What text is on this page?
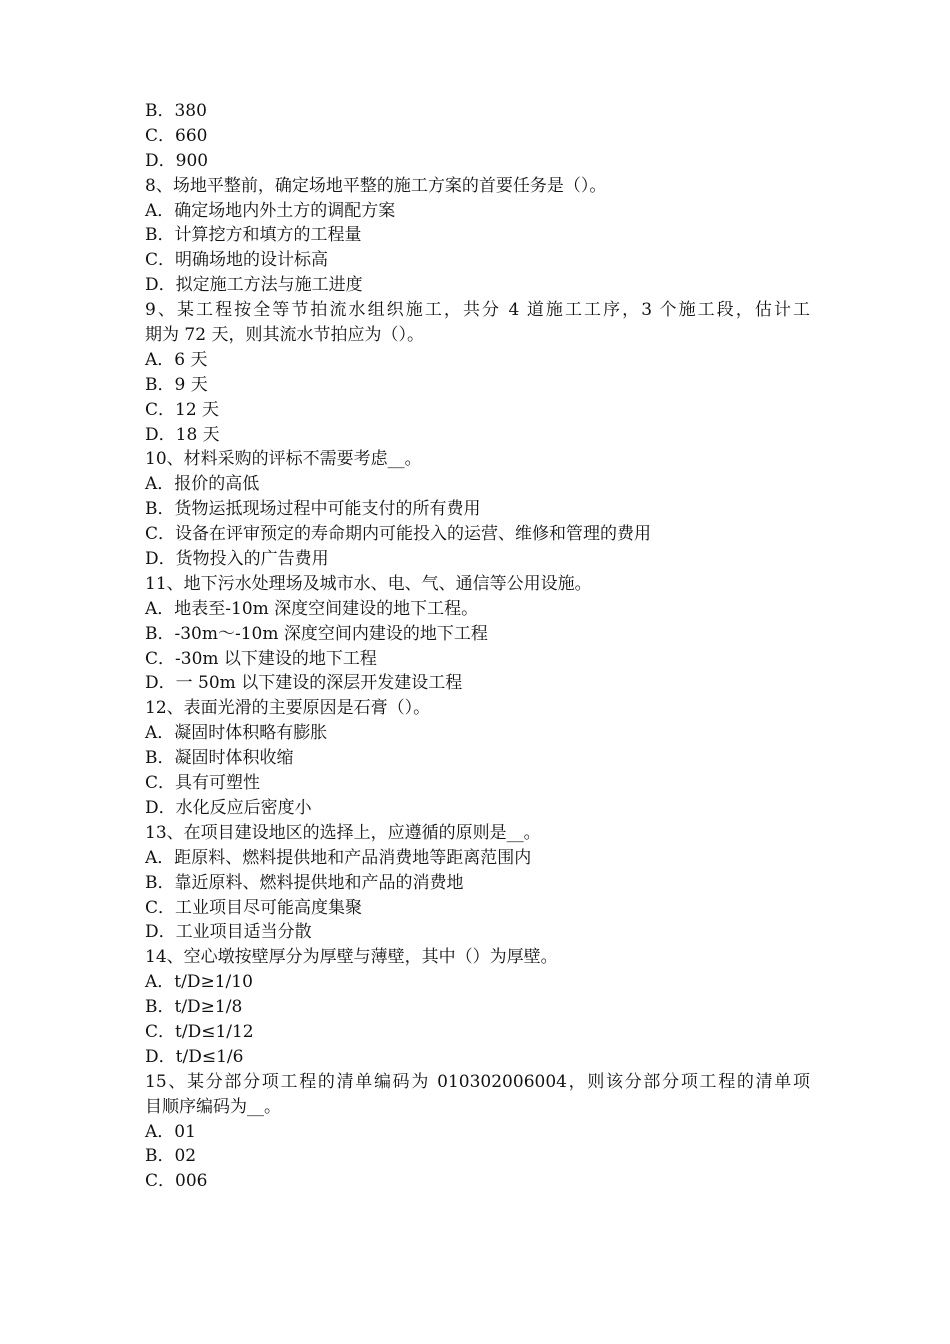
B．380

C．660

D．900

8、场地平整前，确定场地平整的施工方案的首要任务是（）。

A．确定场地内外土方的调配方案

B．计算挖方和填方的工程量

C．明确场地的设计标高

D．拟定施工方法与施工进度

9、某工程按全等节拍流水组织施工，共分 4 道施工工序，3 个施工段，估计工

期为 72 天，则其流水节拍应为（）。

A．6 天

B．9 天

C．12 天

D．18 天

10、材料采购的评标不需要考虑__。

A．报价的高低

B．货物运抵现场过程中可能支付的所有费用

C．设备在评审预定的寿命期内可能投入的运营、维修和管理的费用

D．货物投入的广告费用

11、地下污水处理场及城市水、电、气、通信等公用设施。

A．地表至-10m 深度空间建设的地下工程。

B．-30m～-10m 深度空间内建设的地下工程

C．-30m 以下建设的地下工程

D．一 50m 以下建设的深层开发建设工程

12、表面光滑的主要原因是石膏（）。

A．凝固时体积略有膨胀

B．凝固时体积收缩

C．具有可塑性

D．水化反应后密度小

13、在项目建设地区的选择上，应遵循的原则是__。

A．距原料、燃料提供地和产品消费地等距离范围内

B．靠近原料、燃料提供地和产品的消费地

C．工业项目尽可能高度集聚

D．工业项目适当分散

14、空心墩按壁厚分为厚壁与薄壁，其中（）为厚壁。

A．t/D≥1/10

B．t/D≥1/8

C．t/D≤1/12

D．t/D≤1/6

15、某分部分项工程的清单编码为 010302006004，则该分部分项工程的清单项

目顺序编码为__。

A．01

B．02

C．006
